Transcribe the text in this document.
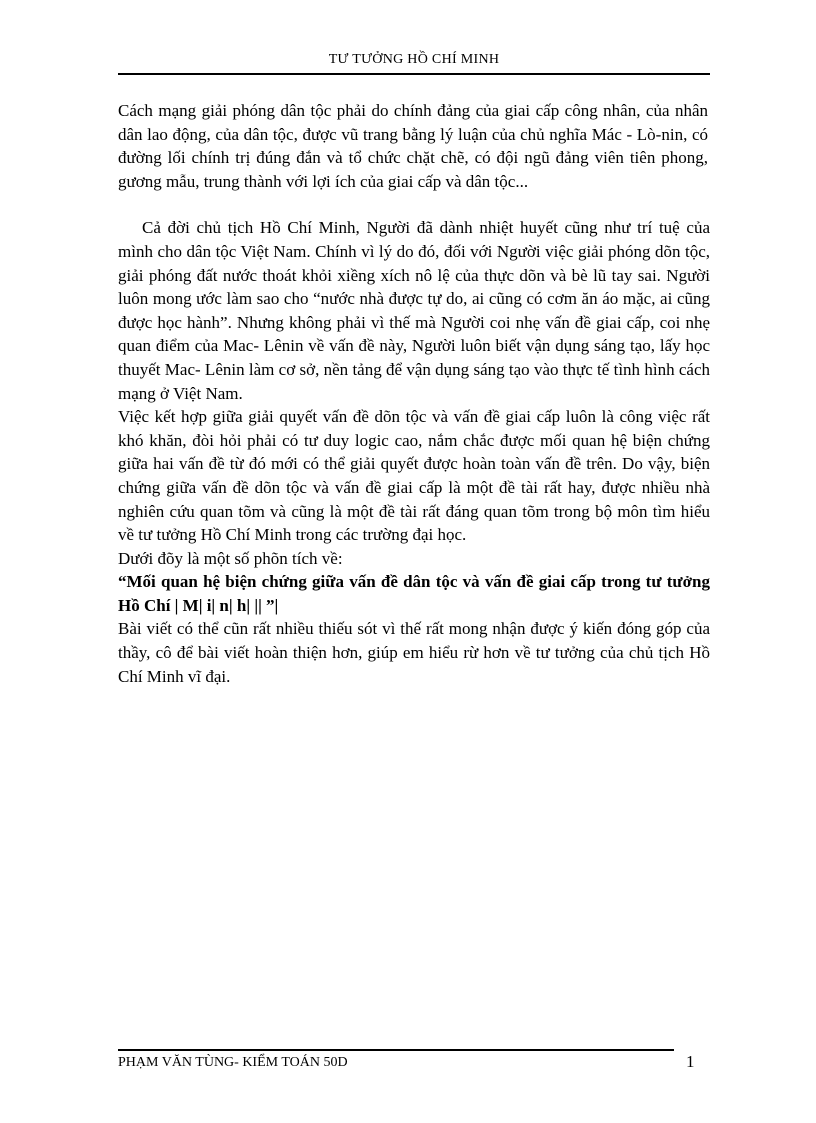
TƯ TƯỞNG HỒ CHÍ MINH

Cách mạng giải phóng dân tộc phải do chính đảng của giai cấp công nhân, của nhân dân lao động, của dân tộc, được vũ trang bằng lý luận của chủ nghĩa Mác - Lò-nin, có đường lối chính trị đúng đắn và tổ chức chặt chẽ, có đội ngũ đảng viên tiên phong, gương mẫu, trung thành với lợi ích của giai cấp và dân tộc...

Cả đời chủ tịch Hồ Chí Minh, Người đã dành nhiệt huyết cũng như trí tuệ của mình cho dân tộc Việt Nam. Chính vì lý do đó, đối với Người việc giải phóng dõn tộc, giải phóng đất nước thoát khỏi xiềng xích nô lệ của thực dõn và bè lũ tay sai. Người luôn mong ước làm sao cho “nước nhà được tự do, ai cũng có cơm ăn áo mặc, ai cũng được học hành”. Nhưng không phải vì thế mà Người coi nhẹ vấn đề giai cấp, coi nhẹ quan điểm của Mac- Lênin về vấn đề này, Người luôn biết vận dụng sáng tạo, lấy học thuyết Mac- Lênin làm cơ sở, nền tảng để vận dụng sáng tạo vào thực tế tình hình cách mạng ở Việt Nam.

Việc kết hợp giữa giải quyết vấn đề dõn tộc và vấn đề giai cấp luôn là công việc rất khó khăn, đòi hỏi phải có tư duy logic cao, nắm chắc được mối quan hệ biện chứng giữa hai vấn đề từ đó mới có thể giải quyết được hoàn toàn vấn đề trên. Do vậy, biện chứng giữa vấn đề dõn tộc và vấn đề giai cấp là một đề tài rất hay, được nhiều nhà nghiên cứu quan tõm và cũng là một đề tài rất đáng quan tõm trong bộ môn tìm hiểu về tư tưởng Hồ Chí Minh trong các trường đại học.

Dưới đõy là một số phõn tích về:

“Mối quan hệ biện chứng giữa vấn đề dân tộc và vấn đề giai cấp trong tư tưởng Hồ Chí | M| i| n| h| || ”|

Bài viết có thể cũn rất nhiều thiếu sót vì thế rất mong nhận được ý kiến đóng góp của thầy, cô để bài viết hoàn thiện hơn, giúp em hiểu rừ hơn về tư tưởng của chủ tịch Hồ Chí Minh vĩ đại.

PHẠM VĂN TÙNG- KIỂM TOÁN 50D	1
